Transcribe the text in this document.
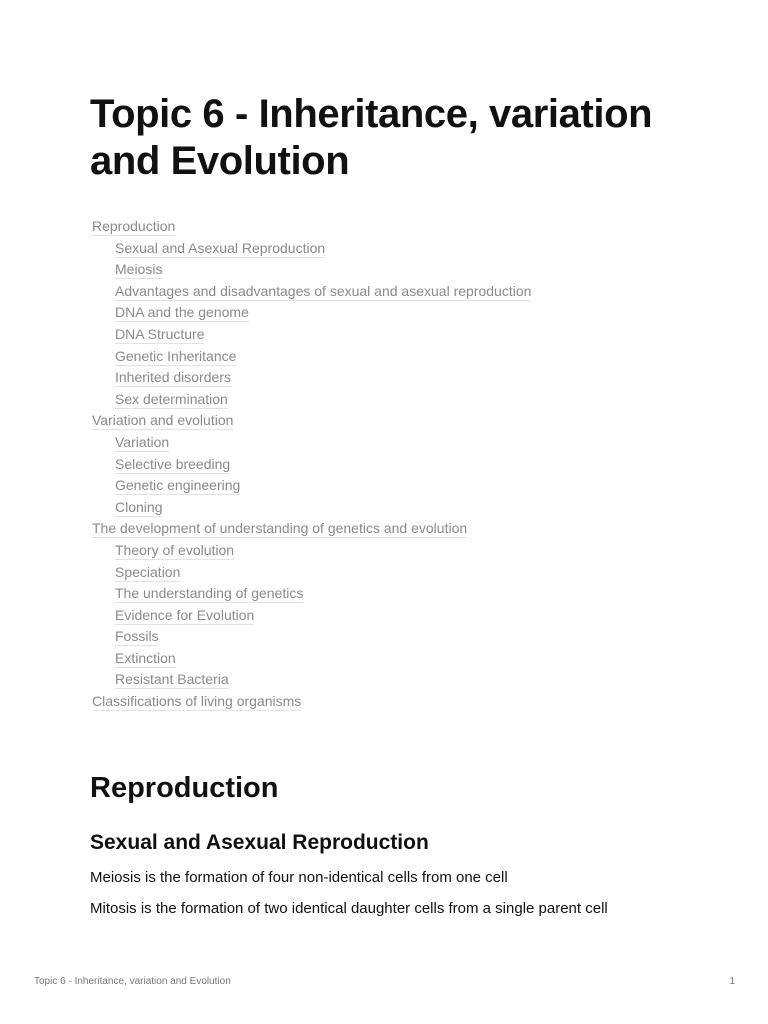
Topic 6 - Inheritance, variation and Evolution
Reproduction
Sexual and Asexual Reproduction
Meiosis
Advantages and disadvantages of sexual and asexual reproduction
DNA and the genome
DNA Structure
Genetic Inheritance
Inherited disorders
Sex determination
Variation and evolution
Variation
Selective breeding
Genetic engineering
Cloning
The development of understanding of genetics and evolution
Theory of evolution
Speciation
The understanding of genetics
Evidence for Evolution
Fossils
Extinction
Resistant Bacteria
Classifications of living organisms
Reproduction
Sexual and Asexual Reproduction

Meiosis is the formation of four non-identical cells from one cell

Mitosis is the formation of two identical daughter cells from a single parent cell

Topic 6 - Inheritance, variation and Evolution	1
